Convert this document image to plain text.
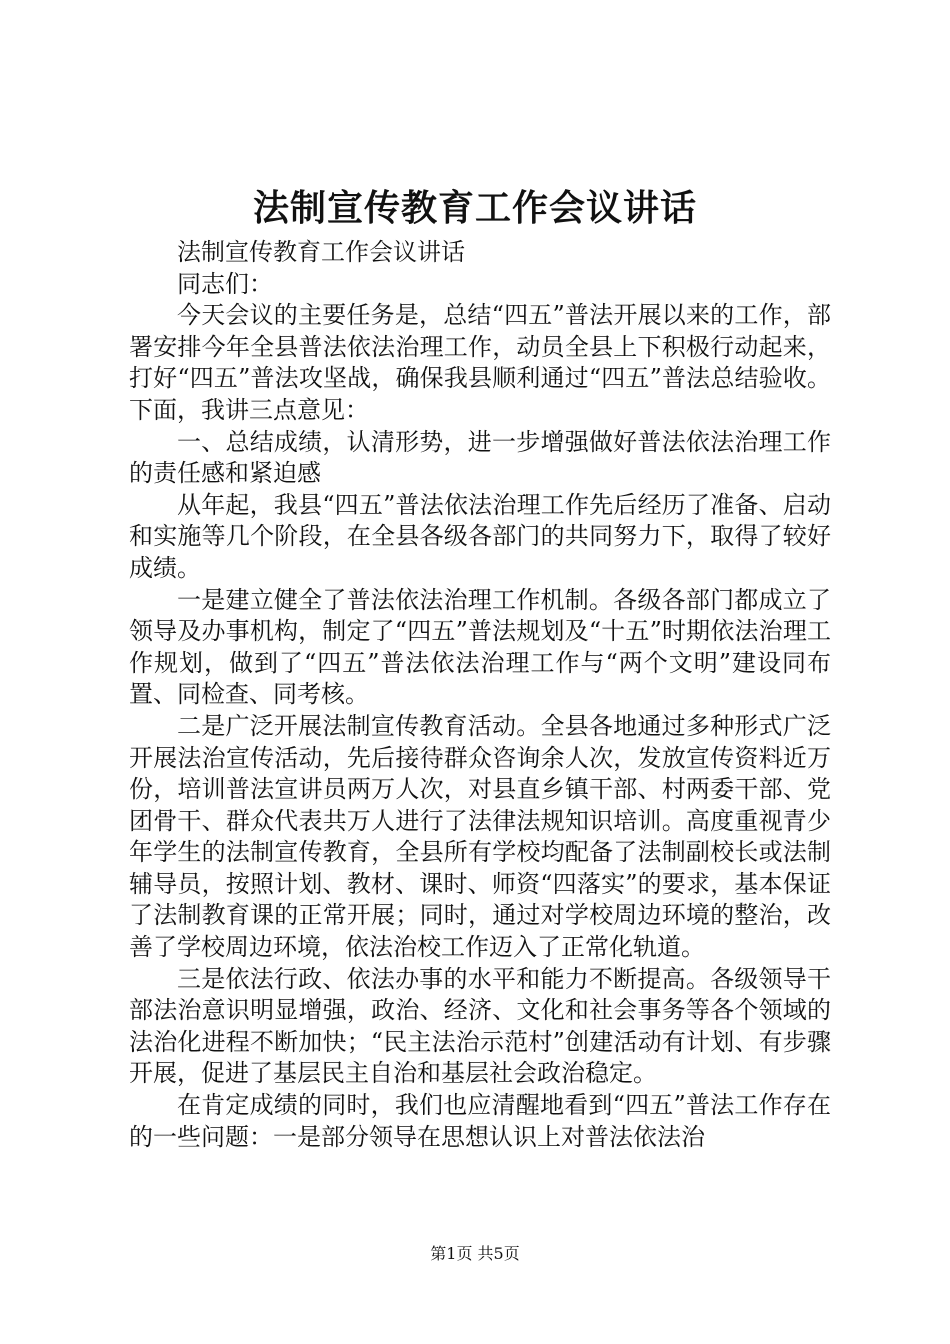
法制宣传教育工作会议讲话

法制宣传教育工作会议讲话

同志们：

今天会议的主要任务是，总结“四五”普法开展以来的工作，部署安排今年全县普法依法治理工作，动员全县上下积极行动起来，打好“四五”普法攻坚战，确保我县顺利通过“四五”普法总结验收。下面，我讲三点意见：

一、总结成绩，认清形势，进一步增强做好普法依法治理工作的责任感和紧迫感

从年起，我县“四五”普法依法治理工作先后经历了准备、启动和实施等几个阶段，在全县各级各部门的共同努力下，取得了较好成绩。

一是建立健全了普法依法治理工作机制。各级各部门都成立了领导及办事机构，制定了“四五”普法规划及“十五”时期依法治理工作规划，做到了“四五”普法依法治理工作与“两个文明”建设同布置、同检查、同考核。

二是广泛开展法制宣传教育活动。全县各地通过多种形式广泛开展法治宣传活动，先后接待群众咨询余人次，发放宣传资料近万份，培训普法宣讲员两万人次，对县直乡镇干部、村两委干部、党团骨干、群众代表共万人进行了法律法规知识培训。高度重视青少年学生的法制宣传教育，全县所有学校均配备了法制副校长或法制辅导员，按照计划、教材、课时、师资“四落实”的要求，基本保证了法制教育课的正常开展；同时，通过对学校周边环境的整治，改善了学校周边环境，依法治校工作迈入了正常化轨道。

三是依法行政、依法办事的水平和能力不断提高。各级领导干部法治意识明显增强，政治、经济、文化和社会事务等各个领域的法治化进程不断加快；“民主法治示范村”创建活动有计划、有步骤开展，促进了基层民主自治和基层社会政治稳定。

在肯定成绩的同时，我们也应清醒地看到“四五”普法工作存在的一些问题：一是部分领导在思想认识上对普法依法治

第1页 共5页
